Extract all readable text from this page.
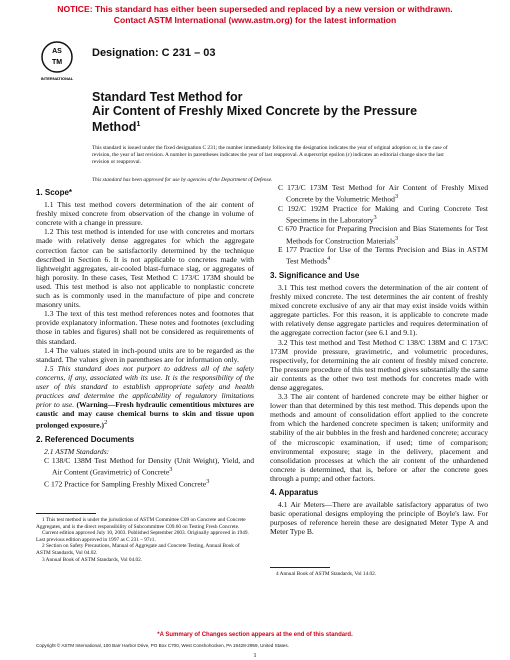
NOTICE: This standard has either been superseded and replaced by a new version or withdrawn.
Contact ASTM International (www.astm.org) for the latest information
AS
TM
INTERNATIONAL
Designation: C 231 – 03
Standard Test Method for
Air Content of Freshly Mixed Concrete by the Pressure
Method$^1$
This standard is issued under the fixed designation C 231; the number immediately following the designation indicates the year of original adoption or, in the case of revision, the year of last revision. A number in parentheses indicates the year of last reapproval. A superscript epsilon (ε) indicates an editorial change since the last revision or reapproval.
This standard has been approved for use by agencies of the Department of Defense.

1. Scope*

1.1 This test method covers determination of the air content of freshly mixed concrete from observation of the change in volume of concrete with a change in pressure.

1.2 This test method is intended for use with concretes and mortars made with relatively dense aggregates for which the aggregate correction factor can be satisfactorily determined by the technique described in Section 6. It is not applicable to concretes made with lightweight aggregates, air-cooled blast-furnace slag, or aggregates of high porosity. In these cases, Test Method C 173/C 173M should be used. This test method is also not applicable to nonplastic concrete such as is commonly used in the manufacture of pipe and concrete masonry units.

1.3 The text of this test method references notes and footnotes that provide explanatory information. These notes and footnotes (excluding those in tables and figures) shall not be considered as requirements of this standard.

1.4 The values stated in inch-pound units are to be regarded as the standard. The values given in parentheses are for information only.

1.5 This standard does not purport to address all of the safety concerns, if any, associated with its use. It is the responsibility of the user of this standard to establish appropriate safety and health practices and determine the applicability of regulatory limitations prior to use. (Warning—Fresh hydraulic cementitious mixtures are caustic and may cause chemical burns to skin and tissue upon prolonged exposure.)$^2$

2. Referenced Documents

2.1 ASTM Standards:

C 138/C 138M Test Method for Density (Unit Weight), Yield, and Air Content (Gravimetric) of Concrete$^3$

C 172 Practice for Sampling Freshly Mixed Concrete$^3$

C 173/C 173M Test Method for Air Content of Freshly Mixed Concrete by the Volumetric Method$^3$

C 192/C 192M Practice for Making and Curing Concrete Test Specimens in the Laboratory$^3$

C 670 Practice for Preparing Precision and Bias Statements for Test Methods for Construction Materials$^3$

E 177 Practice for Use of the Terms Precision and Bias in ASTM Test Methods$^4$

3. Significance and Use

3.1 This test method covers the determination of the air content of freshly mixed concrete. The test determines the air content of freshly mixed concrete exclusive of any air that may exist inside voids within aggregate particles. For this reason, it is applicable to concrete made with relatively dense aggregate particles and requires determination of the aggregate correction factor (see 6.1 and 9.1).

3.2 This test method and Test Method C 138/C 138M and C 173/C 173M provide pressure, gravimetric, and volumetric procedures, respectively, for determining the air content of freshly mixed concrete. The pressure procedure of this test method gives substantially the same air contents as the other two test methods for concretes made with dense aggregates.

3.3 The air content of hardened concrete may be either higher or lower than that determined by this test method. This depends upon the methods and amount of consolidation effort applied to the concrete from which the hardened concrete specimen is taken; uniformity and stability of the air bubbles in the fresh and hardened concrete; accuracy of the microscopic examination, if used; time of comparison; environmental exposure; stage in the delivery, placement and consolidation processes at which the air content of the unhardened concrete is determined, that is, before or after the concrete goes through a pump; and other factors.

4. Apparatus

4.1 Air Meters—There are available satisfactory apparatus of two basic operational designs employing the principle of Boyle's law. For purposes of reference herein these are designated Meter Type A and Meter Type B.

1 This test method is under the jurisdiction of ASTM Committee C09 on Concrete and Concrete Aggregates, and is the direct responsibility of Subcommittee C09.60 on Testing Fresh Concrete.

Current edition approved July 10, 2003. Published September 2003. Originally approved in 1949. Last previous edition approved in 1997 as C 231 – 97ε1.

2 Section on Safety Precautions, Manual of Aggregate and Concrete Testing, Annual Book of ASTM Standards, Vol 04.02.

3 Annual Book of ASTM Standards, Vol 04.02.

4 Annual Book of ASTM Standards, Vol 14.02.

*A Summary of Changes section appears at the end of this standard.
Copyright © ASTM International, 100 Barr Harbor Drive, PO Box C700, West Conshohocken, PA 19428-2959, United States.
1
